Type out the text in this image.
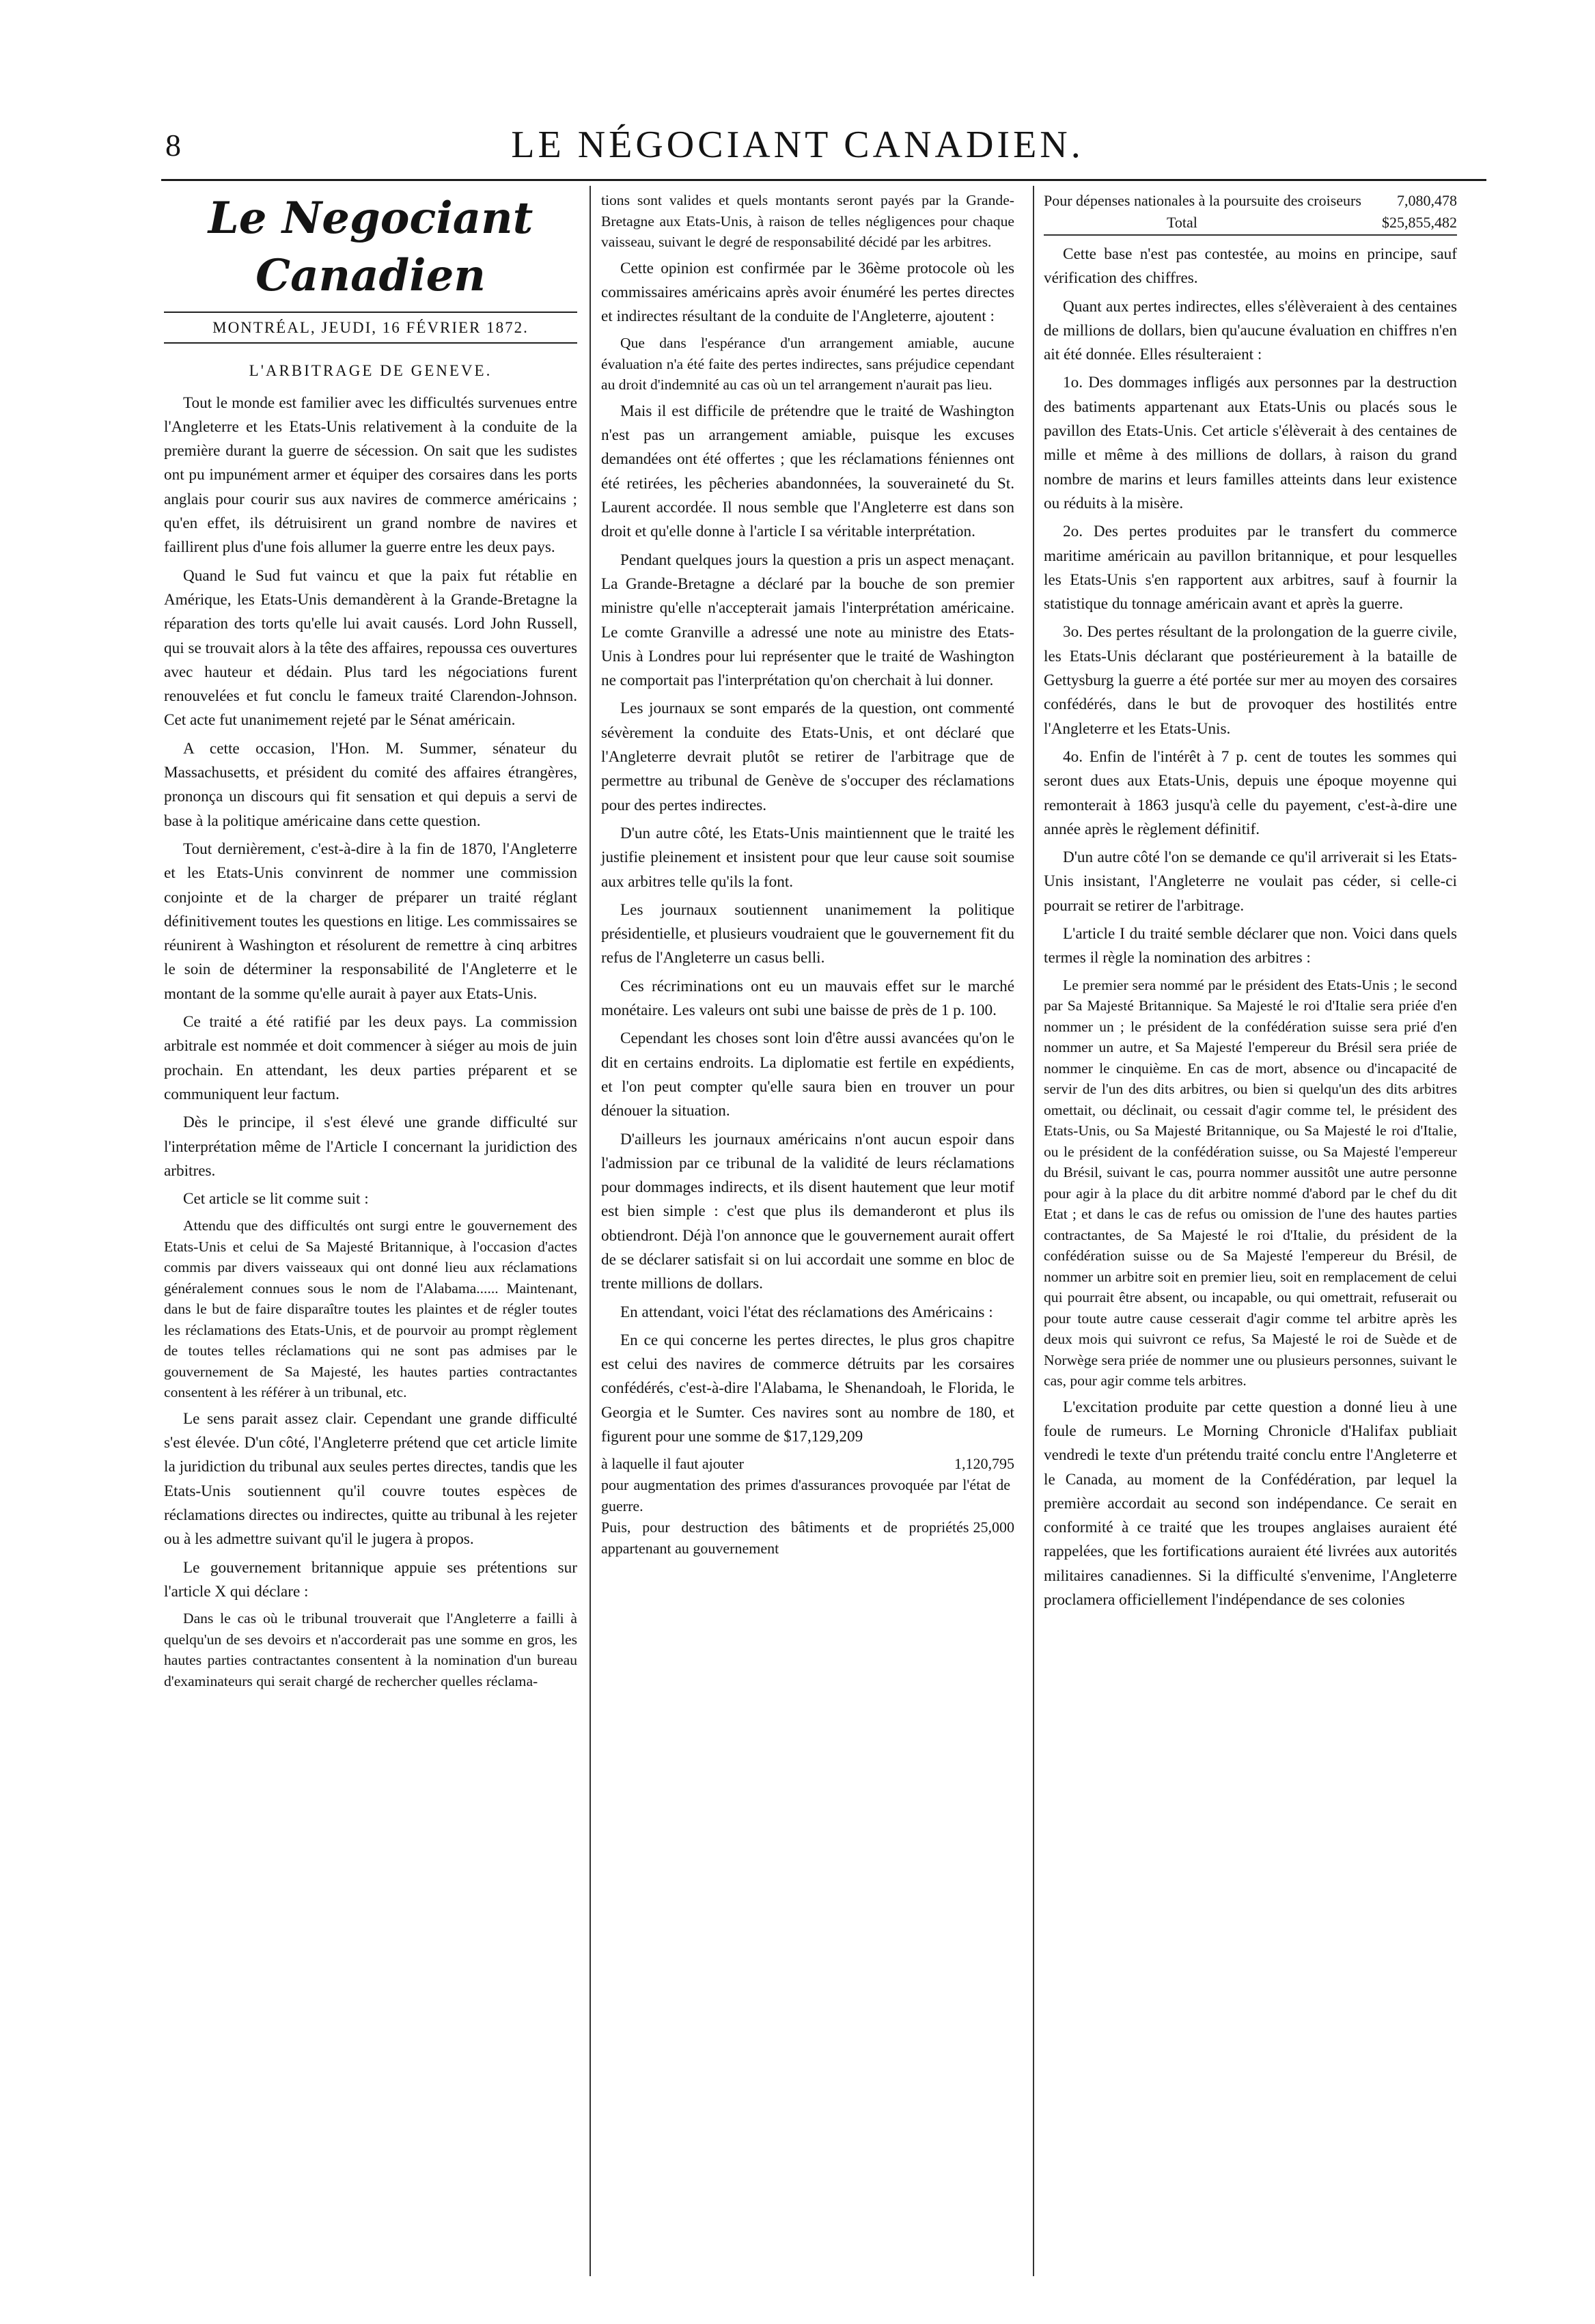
8	LE NÉGOCIANT CANADIEN.
Le Negociant Canadien
MONTRÉAL, JEUDI, 16 FÉVRIER 1872.
L'ARBITRAGE DE GENEVE.

Tout le monde est familier avec les difficultés survenues entre l'Angleterre et les Etats-Unis relativement à la conduite de la première durant la guerre de sécession. On sait que les sudistes ont pu impunément armer et équiper des corsaires dans les ports anglais pour courir sus aux navires de commerce américains ; qu'en effet, ils détruisirent un grand nombre de navires et faillirent plus d'une fois allumer la guerre entre les deux pays.

Quand le Sud fut vaincu et que la paix fut rétablie en Amérique, les Etats-Unis demandèrent à la Grande-Bretagne la réparation des torts qu'elle lui avait causés. Lord John Russell, qui se trouvait alors à la tête des affaires, repoussa ces ouvertures avec hauteur et dédain. Plus tard les négociations furent renouvelées et fut conclu le fameux traité Clarendon-Johnson. Cet acte fut unanimement rejeté par le Sénat américain.

A cette occasion, l'Hon. M. Summer, sénateur du Massachusetts, et président du comité des affaires étrangères, prononça un discours qui fit sensation et qui depuis a servi de base à la politique américaine dans cette question.

Tout dernièrement, c'est-à-dire à la fin de 1870, l'Angleterre et les Etats-Unis convinrent de nommer une commission conjointe et de la charger de préparer un traité réglant définitivement toutes les questions en litige. Les commissaires se réunirent à Washington et résolurent de remettre à cinq arbitres le soin de déterminer la responsabilité de l'Angleterre et le montant de la somme qu'elle aurait à payer aux Etats-Unis.

Ce traité a été ratifié par les deux pays. La commission arbitrale est nommée et doit commencer à siéger au mois de juin prochain. En attendant, les deux parties préparent et se communiquent leur factum.

Dès le principe, il s'est élevé une grande difficulté sur l'interprétation même de l'Article I concernant la juridiction des arbitres.

Cet article se lit comme suit :

Attendu que des difficultés ont surgi entre le gouvernement des Etats-Unis et celui de Sa Majesté Britannique, à l'occasion d'actes commis par divers vaisseaux qui ont donné lieu aux réclamations généralement connues sous le nom de l'Alabama...... Maintenant, dans le but de faire disparaître toutes les plaintes et de régler toutes les réclamations des Etats-Unis, et de pourvoir au prompt règlement de toutes telles réclamations qui ne sont pas admises par le gouvernement de Sa Majesté, les hautes parties contractantes consentent à les référer à un tribunal, etc.

Le sens parait assez clair. Cependant une grande difficulté s'est élevée. D'un côté, l'Angleterre prétend que cet article limite la juridiction du tribunal aux seules pertes directes, tandis que les Etats-Unis soutiennent qu'il couvre toutes espèces de réclamations directes ou indirectes, quitte au tribunal à les rejeter ou à les admettre suivant qu'il le jugera à propos.

Le gouvernement britannique appuie ses prétentions sur l'article X qui déclare :

Dans le cas où le tribunal trouverait que l'Angleterre a failli à quelqu'un de ses devoirs et n'accorderait pas une somme en gros, les hautes parties contractantes consentent à la nomination d'un bureau d'examinateurs qui serait chargé de rechercher quelles réclama-

tions sont valides et quels montants seront payés par la Grande-Bretagne aux Etats-Unis, à raison de telles négligences pour chaque vaisseau, suivant le degré de responsabilité décidé par les arbitres.

Cette opinion est confirmée par le 36ème protocole où les commissaires américains après avoir énuméré les pertes directes et indirectes résultant de la conduite de l'Angleterre, ajoutent :

Que dans l'espérance d'un arrangement amiable, aucune évaluation n'a été faite des pertes indirectes, sans préjudice cependant au droit d'indemnité au cas où un tel arrangement n'aurait pas lieu.

Mais il est difficile de prétendre que le traité de Washington n'est pas un arrangement amiable, puisque les excuses demandées ont été offertes ; que les réclamations féniennes ont été retirées, les pêcheries abandonnées, la souveraineté du St. Laurent accordée. Il nous semble que l'Angleterre est dans son droit et qu'elle donne à l'article I sa véritable interprétation.

Pendant quelques jours la question a pris un aspect menaçant. La Grande-Bretagne a déclaré par la bouche de son premier ministre qu'elle n'accepterait jamais l'interprétation américaine. Le comte Granville a adressé une note au ministre des Etats-Unis à Londres pour lui représenter que le traité de Washington ne comportait pas l'interprétation qu'on cherchait à lui donner.

Les journaux se sont emparés de la question, ont commenté sévèrement la conduite des Etats-Unis, et ont déclaré que l'Angleterre devrait plutôt se retirer de l'arbitrage que de permettre au tribunal de Genève de s'occuper des réclamations pour des pertes indirectes.

D'un autre côté, les Etats-Unis maintiennent que le traité les justifie pleinement et insistent pour que leur cause soit soumise aux arbitres telle qu'ils la font.

Les journaux soutiennent unanimement la politique présidentielle, et plusieurs voudraient que le gouvernement fit du refus de l'Angleterre un casus belli.

Ces récriminations ont eu un mauvais effet sur le marché monétaire. Les valeurs ont subi une baisse de près de 1 p. 100.

Cependant les choses sont loin d'être aussi avancées qu'on le dit en certains endroits. La diplomatie est fertile en expédients, et l'on peut compter qu'elle saura bien en trouver un pour dénouer la situation.

D'ailleurs les journaux américains n'ont aucun espoir dans l'admission par ce tribunal de la validité de leurs réclamations pour dommages indirects, et ils disent hautement que leur motif est bien simple : c'est que plus ils demanderont et plus ils obtiendront. Déjà l'on annonce que le gouvernement aurait offert de se déclarer satisfait si on lui accordait une somme en bloc de trente millions de dollars.

En attendant, voici l'état des réclamations des Américains :

En ce qui concerne les pertes directes, le plus gros chapitre est celui des navires de commerce détruits par les corsaires confédérés, c'est-à-dire l'Alabama, le Shenandoah, le Florida, le Georgia et le Sumter. Ces navires sont au nombre de 180, et figurent pour une somme de $17,129,209

à laquelle il faut ajouter	1,120,795
pour augmentation des primes d'assurances provoquée par l'état de guerre.
Puis, pour destruction des bâtiments et de propriétés appartenant au gouvernement
25,000
Pour dépenses nationales à la poursuite des croiseurs 7,080,478
Total	$25,855,482

Cette base n'est pas contestée, au moins en principe, sauf vérification des chiffres.

Quant aux pertes indirectes, elles s'élèveraient à des centaines de millions de dollars, bien qu'aucune évaluation en chiffres n'en ait été donnée. Elles résulteraient :

1o. Des dommages infligés aux personnes par la destruction des batiments appartenant aux Etats-Unis ou placés sous le pavillon des Etats-Unis. Cet article s'élèverait à des centaines de mille et même à des millions de dollars, à raison du grand nombre de marins et leurs familles atteints dans leur existence ou réduits à la misère.

2o. Des pertes produites par le transfert du commerce maritime américain au pavillon britannique, et pour lesquelles les Etats-Unis s'en rapportent aux arbitres, sauf à fournir la statistique du tonnage américain avant et après la guerre.

3o. Des pertes résultant de la prolongation de la guerre civile, les Etats-Unis déclarant que postérieurement à la bataille de Gettysburg la guerre a été portée sur mer au moyen des corsaires confédérés, dans le but de provoquer des hostilités entre l'Angleterre et les Etats-Unis.

4o. Enfin de l'intérêt à 7 p. cent de toutes les sommes qui seront dues aux Etats-Unis, depuis une époque moyenne qui remonterait à 1863 jusqu'à celle du payement, c'est-à-dire une année après le règlement définitif.

D'un autre côté l'on se demande ce qu'il arriverait si les Etats-Unis insistant, l'Angleterre ne voulait pas céder, si celle-ci pourrait se retirer de l'arbitrage.

L'article I du traité semble déclarer que non. Voici dans quels termes il règle la nomination des arbitres :

Le premier sera nommé par le président des Etats-Unis ; le second par Sa Majesté Britannique. Sa Majesté le roi d'Italie sera priée d'en nommer un ; le président de la confédération suisse sera prié d'en nommer un autre, et Sa Majesté l'empereur du Brésil sera priée de nommer le cinquième. En cas de mort, absence ou d'incapacité de servir de l'un des dits arbitres, ou bien si quelqu'un des dits arbitres omettait, ou déclinait, ou cessait d'agir comme tel, le président des Etats-Unis, ou Sa Majesté Britannique, ou Sa Majesté le roi d'Italie, ou le président de la confédération suisse, ou Sa Majesté l'empereur du Brésil, suivant le cas, pourra nommer aussitôt une autre personne pour agir à la place du dit arbitre nommé d'abord par le chef du dit Etat ; et dans le cas de refus ou omission de l'une des hautes parties contractantes, de Sa Majesté le roi d'Italie, du président de la confédération suisse ou de Sa Majesté l'empereur du Brésil, de nommer un arbitre soit en premier lieu, soit en remplacement de celui qui pourrait être absent, ou incapable, ou qui omettrait, refuserait ou pour toute autre cause cesserait d'agir comme tel arbitre après les deux mois qui suivront ce refus, Sa Majesté le roi de Suède et de Norwège sera priée de nommer une ou plusieurs personnes, suivant le cas, pour agir comme tels arbitres.

L'excitation produite par cette question a donné lieu à une foule de rumeurs. Le Morning Chronicle d'Halifax publiait vendredi le texte d'un prétendu traité conclu entre l'Angleterre et le Canada, au moment de la Confédération, par lequel la première accordait au second son indépendance. Ce serait en conformité à ce traité que les troupes anglaises auraient été rappelées, que les fortifications auraient été livrées aux autorités militaires canadiennes. Si la difficulté s'envenime, l'Angleterre proclamera officiellement l'indépendance de ses colonies
